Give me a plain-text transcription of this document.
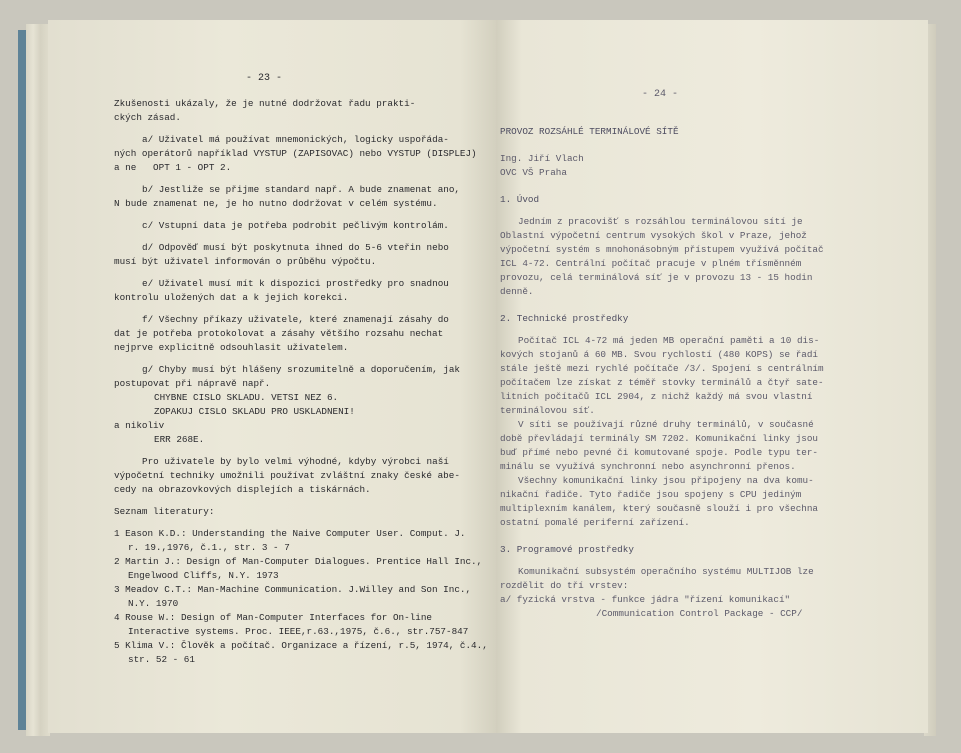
- 23 -
Zkušenosti ukázaly, že je nutné dodržovat řadu prakti-
ckých zásad.
a/ Uživatel má používat mnemonických, logicky uspořáda-
ných operátorů například VYSTUP (ZAPISOVAC) nebo VYSTUP (DISPLEJ)
a ne   OPT 1 - OPT 2.
b/ Jestliže se přijme standard např. A bude znamenat ano,
N bude znamenat ne, je ho nutno dodržovat v celém systému.
c/ Vstupní data je potřeba podrobit pečlivým kontrolám.
d/ Odpověď musí být poskytnuta ihned do 5-6 vteřin nebo
musí být uživatel informován o průběhu výpočtu.
e/ Uživatel musí mít k dispozici prostředky pro snadnou
kontrolu uložených dat a k jejich korekci.
f/ Všechny příkazy uživatele, které znamenají zásahy do
dat je potřeba protokolovat a zásahy většího rozsahu nechat
nejprve explicitně odsouhlasit uživatelem.
g/ Chyby musí být hlášeny srozumitelně a doporučením, jak
postupovat při nápravě např.
CHYBNE CISLO SKLADU. VETSI NEZ 6.
ZOPAKUJ CISLO SKLADU PRO USKLADNENI!
a nikoliv
ERR 268E.
Pro uživatele by bylo velmi výhodné, kdyby výrobci naší
výpočetní techniky umožnili používat zvláštní znaky české abe-
cedy na obrazovkových displejích a tiskárnách.
Seznam literatury:
1 Eason K.D.: Understanding the Naive Computer User. Comput. J.
r. 19.,1976, č.1., str. 3 - 7
2 Martin J.: Design of Man-Computer Dialogues. Prentice Hall Inc.,
Engelwood Cliffs, N.Y. 1973
3 Meadov C.T.: Man-Machine Communication. J.Willey and Son Inc.,
N.Y. 1970
4 Rouse W.: Design of Man-Computer Interfaces for On-line
Interactive systems. Proc. IEEE,r.63.,1975, č.6., str.757-847
5 Klima V.: Člověk a počítač. Organizace a řízení, r.5, 1974, č.4.,
str. 52 - 61
- 24 -
PROVOZ ROZSÁHLÉ TERMINÁLOVÉ SÍTĚ
Ing. Jiří Vlach
OVC VŠ Praha
1. Úvod
Jedním z pracovišť s rozsáhlou terminálovou sítí je
Oblastní výpočetní centrum vysokých škol v Praze, jehož
výpočetní systém s mnohonásobným přístupem využívá počítač
ICL 4-72. Centrální počítač pracuje v plném třísměnném
provozu, celá terminálová síť je v provozu 13 - 15 hodin
denně.
2. Technické prostředky
Počítač ICL 4-72 má jeden MB operační paměti a 10 dis-
kových stojanů á 60 MB. Svou rychlostí (480 KOPS) se řadí
stále ještě mezi rychlé počítače /3/. Spojení s centrálním
počítačem lze získat z téměř stovky terminálů a čtyř sate-
litních počítačů ICL 2904, z nichž každý má svou vlastní
terminálovou síť.
V síti se používají různé druhy terminálů, v současné
době převládají terminály SM 7202. Komunikační linky jsou
buď přímé nebo pevné či komutované spoje. Podle typu ter-
minálu se využívá synchronní nebo asynchronní přenos.
Všechny komunikační linky jsou připojeny na dva komu-
nikační řadiče. Tyto řadiče jsou spojeny s CPU jediným
multiplexním kanálem, který současně slouží i pro všechna
ostatní pomalé periferní zařízení.
3. Programové prostředky
Komunikační subsystém operačního systému MULTIJOB lze
rozdělit do tří vrstev:
a/ fyzická vrstva - funkce jádra "řízení komunikací"
/Communication Control Package - CCP/
